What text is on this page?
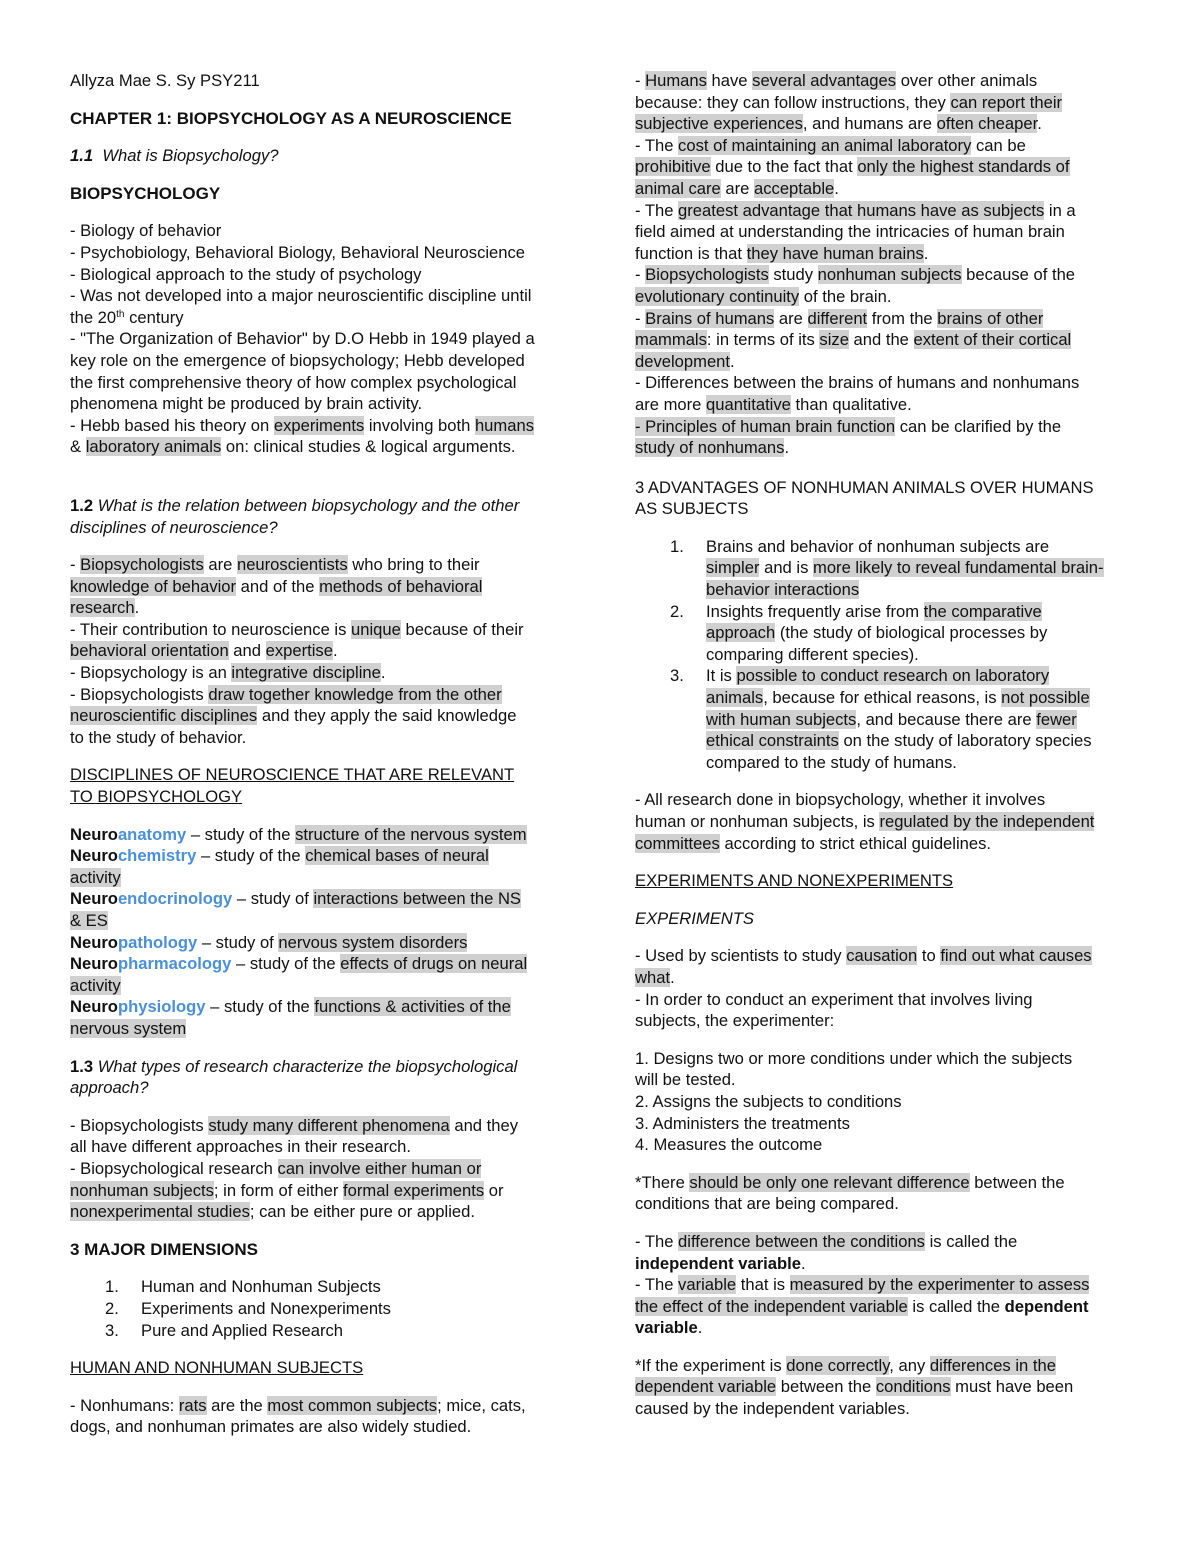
Allyza Mae S. Sy PSY211

CHAPTER 1: BIOPSYCHOLOGY AS A NEUROSCIENCE

1.1 What is Biopsychology?

BIOPSYCHOLOGY

- Biology of behavior

- Psychobiology, Behavioral Biology, Behavioral Neuroscience

- Biological approach to the study of psychology

- Was not developed into a major neuroscientific discipline until

the 20th century

- "The Organization of Behavior" by D.O Hebb in 1949 played a

key role on the emergence of biopsychology; Hebb developed

the first comprehensive theory of how complex psychological

phenomena might be produced by brain activity.

- Hebb based his theory on experiments involving both humans

& laboratory animals on: clinical studies & logical arguments.

1.2 What is the relation between biopsychology and the other

disciplines of neuroscience?

- Biopsychologists are neuroscientists who bring to their

knowledge of behavior and of the methods of behavioral

research.

- Their contribution to neuroscience is unique because of their

behavioral orientation and expertise.

- Biopsychology is an integrative discipline.

- Biopsychologists draw together knowledge from the other

neuroscientific disciplines and they apply the said knowledge

to the study of behavior.

DISCIPLINES OF NEUROSCIENCE THAT ARE RELEVANT

TO BIOPSYCHOLOGY

Neuroanatomy – study of the structure of the nervous system

Neurochemistry – study of the chemical bases of neural

activity

Neuroendocrinology – study of interactions between the NS

& ES

Neuropathology – study of nervous system disorders

Neuropharmacology – study of the effects of drugs on neural

activity

Neurophysiology – study of the functions & activities of the

nervous system

1.3 What types of research characterize the biopsychological

approach?

- Biopsychologists study many different phenomena and they

all have different approaches in their research.

- Biopsychological research can involve either human or

nonhuman subjects; in form of either formal experiments or

nonexperimental studies; can be either pure or applied.

3 MAJOR DIMENSIONS

1. Human and Nonhuman Subjects

2. Experiments and Nonexperiments

3. Pure and Applied Research

HUMAN AND NONHUMAN SUBJECTS

- Nonhumans: rats are the most common subjects; mice, cats,

dogs, and nonhuman primates are also widely studied.

- Humans have several advantages over other animals

because: they can follow instructions, they can report their

subjective experiences, and humans are often cheaper.

- The cost of maintaining an animal laboratory can be

prohibitive due to the fact that only the highest standards of

animal care are acceptable.

- The greatest advantage that humans have as subjects in a

field aimed at understanding the intricacies of human brain

function is that they have human brains.

- Biopsychologists study nonhuman subjects because of the

evolutionary continuity of the brain.

- Brains of humans are different from the brains of other

mammals: in terms of its size and the extent of their cortical

development.

- Differences between the brains of humans and nonhumans

are more quantitative than qualitative.

- Principles of human brain function can be clarified by the

study of nonhumans.

3 ADVANTAGES OF NONHUMAN ANIMALS OVER HUMANS

AS SUBJECTS

1. Brains and behavior of nonhuman subjects are

simpler and is more likely to reveal fundamental brain-

behavior interactions

2. Insights frequently arise from the comparative

approach (the study of biological processes by

comparing different species).

3. It is possible to conduct research on laboratory

animals, because for ethical reasons, is not possible

with human subjects, and because there are fewer

ethical constraints on the study of laboratory species

compared to the study of humans.

- All research done in biopsychology, whether it involves

human or nonhuman subjects, is regulated by the independent

committees according to strict ethical guidelines.

EXPERIMENTS AND NONEXPERIMENTS

EXPERIMENTS

- Used by scientists to study causation to find out what causes

what.

- In order to conduct an experiment that involves living

subjects, the experimenter:

1. Designs two or more conditions under which the subjects

will be tested.

2. Assigns the subjects to conditions

3. Administers the treatments

4. Measures the outcome

*There should be only one relevant difference between the

conditions that are being compared.

- The difference between the conditions is called the

independent variable.

- The variable that is measured by the experimenter to assess

the effect of the independent variable is called the dependent

variable.

*If the experiment is done correctly, any differences in the

dependent variable between the conditions must have been

caused by the independent variables.
